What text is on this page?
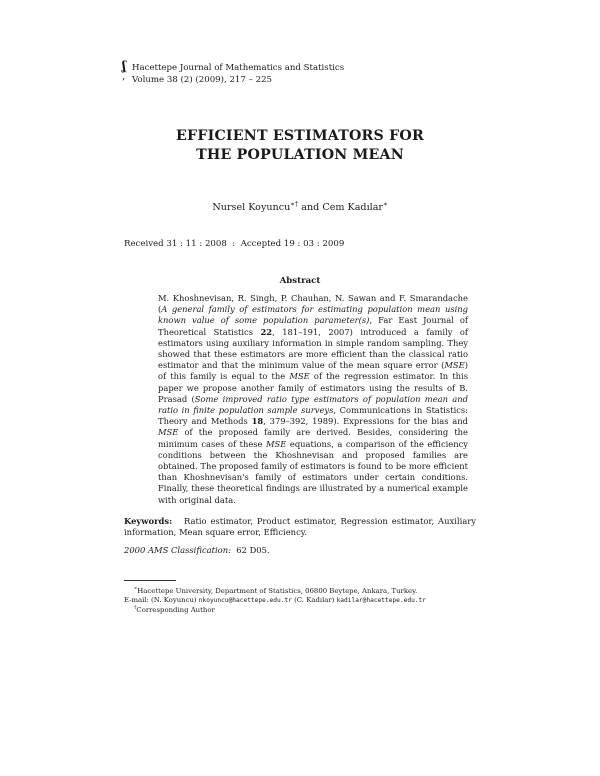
ʆ
,
Hacettepe Journal of Mathematics and Statistics
Volume 38 (2) (2009), 217 – 225
EFFICIENT ESTIMATORS FOR
THE POPULATION MEAN
Nursel Koyuncu∗† and Cem Kadılar∗
Received 31 : 11 : 2008  :  Accepted 19 : 03 : 2009
Abstract

M. Khoshnevisan, R. Singh, P. Chauhan, N. Sawan and F. Smarandache (A general family of estimators for estimating population mean using known value of some population parameter(s), Far East Journal of Theoretical Statistics 22, 181–191, 2007) introduced a family of estimators using auxiliary information in simple random sampling. They showed that these estimators are more efficient than the classical ratio estimator and that the minimum value of the mean square error (MSE) of this family is equal to the MSE of the regression estimator. In this paper we propose another family of estimators using the results of B. Prasad (Some improved ratio type estimators of population mean and ratio in finite population sample surveys, Communications in Statistics: Theory and Methods 18, 379–392, 1989). Expressions for the bias and MSE of the proposed family are derived. Besides, considering the minimum cases of these MSE equations, a comparison of the efficiency conditions between the Khoshnevisan and proposed families are obtained. The proposed family of estimators is found to be more efficient than Khoshnevisan's family of estimators under certain conditions. Finally, these theoretical findings are illustrated by a numerical example with original data.

Keywords: Ratio estimator, Product estimator, Regression estimator, Auxiliary information, Mean square error, Efficiency.
2000 AMS Classification: 62 D05.
∗Hacettepe University, Department of Statistics, 06800 Beytepe, Ankara, Turkey.
E-mail: (N. Koyuncu) nkoyuncu@hacettepe.edu.tr (C. Kadılar) kadilar@hacettepe.edu.tr
†Corresponding Author
